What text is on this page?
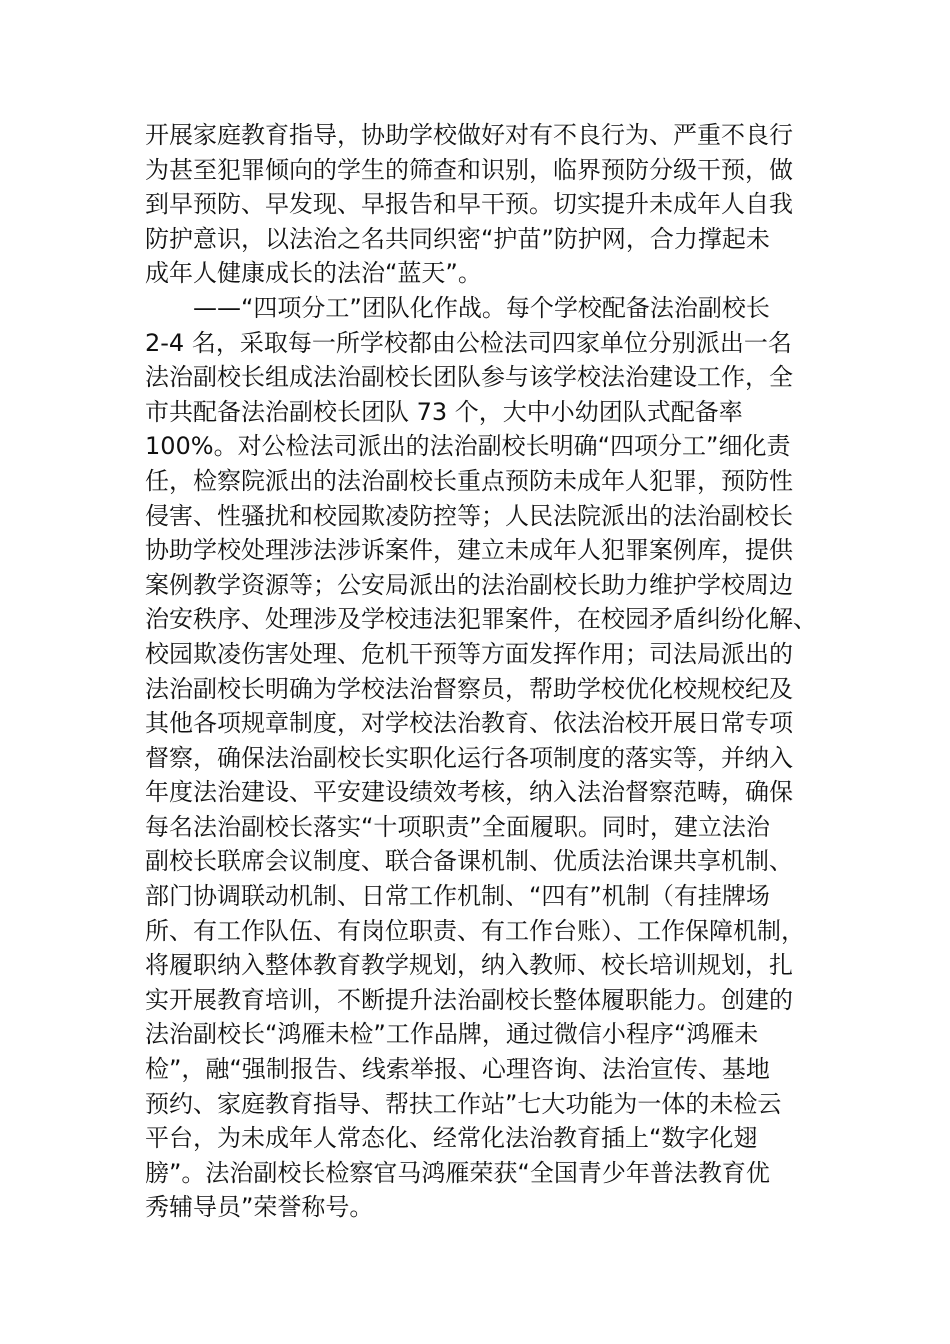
开展家庭教育指导，协助学校做好对有不良行为、严重不良行
为甚至犯罪倾向的学生的筛查和识别，临界预防分级干预，做
到早预防、早发现、早报告和早干预。切实提升未成年人自我
防护意识，以法治之名共同织密“护苗”防护网，合力撑起未
成年人健康成长的法治“蓝天”。
——“四项分工”团队化作战。每个学校配备法治副校长
2-4 名，采取每一所学校都由公检法司四家单位分别派出一名
法治副校长组成法治副校长团队参与该学校法治建设工作，全
市共配备法治副校长团队 73 个，大中小幼团队式配备率
100%。对公检法司派出的法治副校长明确“四项分工”细化责
任，检察院派出的法治副校长重点预防未成年人犯罪，预防性
侵害、性骚扰和校园欺凌防控等；人民法院派出的法治副校长
协助学校处理涉法涉诉案件，建立未成年人犯罪案例库，提供
案例教学资源等；公安局派出的法治副校长助力维护学校周边
治安秩序、处理涉及学校违法犯罪案件，在校园矛盾纠纷化解、
校园欺凌伤害处理、危机干预等方面发挥作用；司法局派出的
法治副校长明确为学校法治督察员，帮助学校优化校规校纪及
其他各项规章制度，对学校法治教育、依法治校开展日常专项
督察，确保法治副校长实职化运行各项制度的落实等，并纳入
年度法治建设、平安建设绩效考核，纳入法治督察范畴，确保
每名法治副校长落实“十项职责”全面履职。同时，建立法治
副校长联席会议制度、联合备课机制、优质法治课共享机制、
部门协调联动机制、日常工作机制、“四有”机制（有挂牌场
所、有工作队伍、有岗位职责、有工作台账）、工作保障机制，
将履职纳入整体教育教学规划，纳入教师、校长培训规划，扎
实开展教育培训，不断提升法治副校长整体履职能力。创建的
法治副校长“鸿雁未检”工作品牌，通过微信小程序“鸿雁未
检”，融“强制报告、线索举报、心理咨询、法治宣传、基地
预约、家庭教育指导、帮扶工作站”七大功能为一体的未检云
平台，为未成年人常态化、经常化法治教育插上“数字化翅
膀”。法治副校长检察官马鸿雁荣获“全国青少年普法教育优
秀辅导员”荣誉称号。
